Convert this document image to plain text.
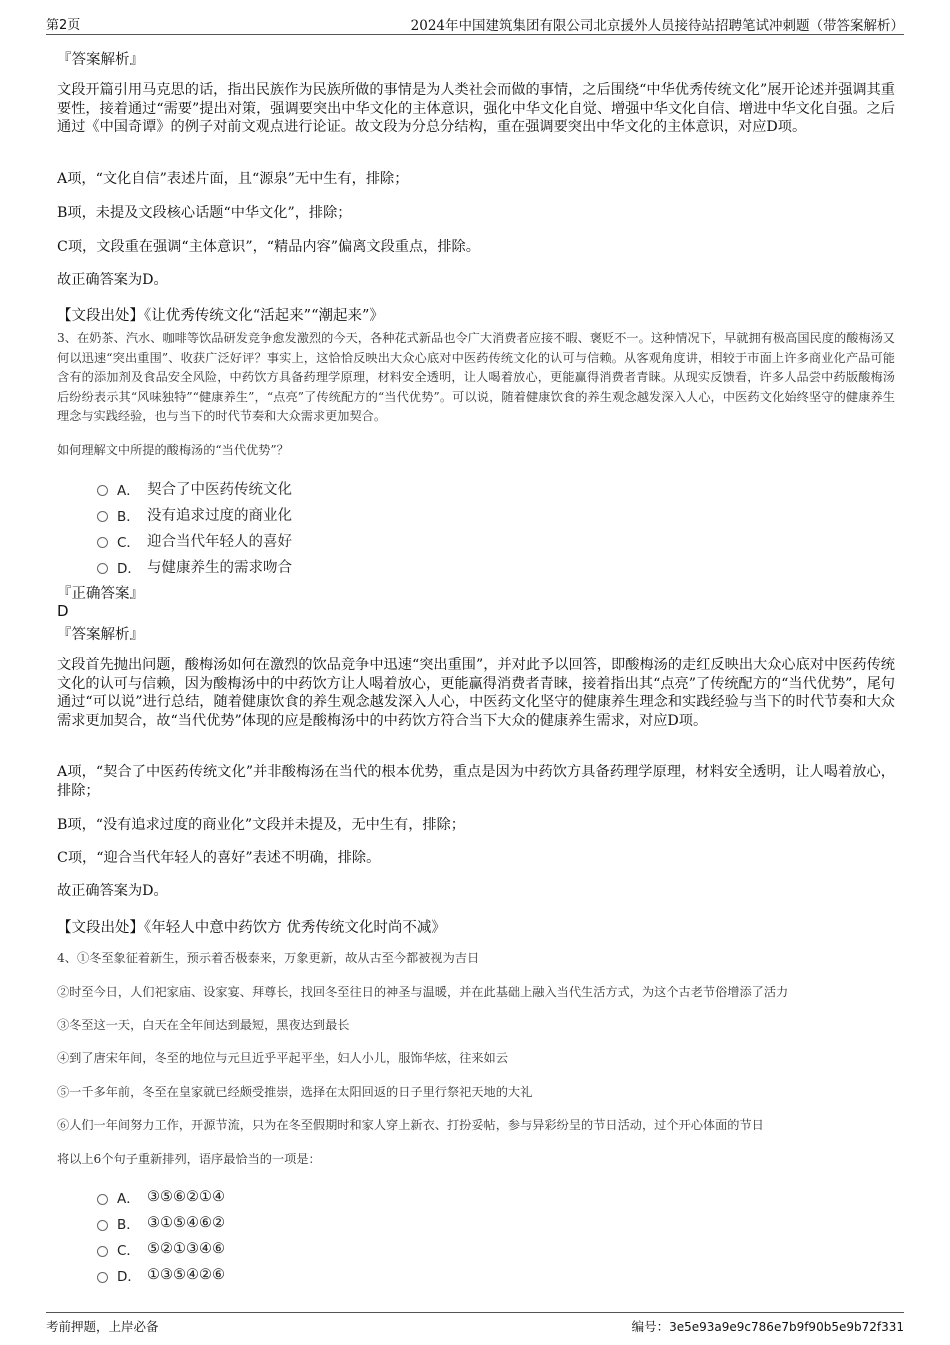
第2页	2024年中国建筑集团有限公司北京援外人员接待站招聘笔试冲刺题（带答案解析）
『答案解析』

文段开篇引用马克思的话，指出民族作为民族所做的事情是为人类社会而做的事情，之后围绕“中华优秀传统文化”展开论述并强调其重要性，接着通过“需要”提出对策，强调要突出中华文化的主体意识，强化中华文化自觉、增强中华文化自信、增进中华文化自强。之后通过《中国奇谭》的例子对前文观点进行论证。故文段为分总分结构，重在强调要突出中华文化的主体意识，对应D项。

A项，“文化自信”表述片面，且“源泉”无中生有，排除；

B项，未提及文段核心话题“中华文化”，排除；

C项，文段重在强调“主体意识”，“精品内容”偏离文段重点，排除。

故正确答案为D。

【文段出处】《让优秀传统文化“活起来”“潮起来”》

3、在奶茶、汽水、咖啡等饮品研发竞争愈发激烈的今天，各种花式新品也令广大消费者应接不暇、褒贬不一。这种情况下，早就拥有极高国民度的酸梅汤又何以迅速“突出重围”、收获广泛好评？事实上，这恰恰反映出大众心底对中医药传统文化的认可与信赖。从客观角度讲，相较于市面上许多商业化产品可能含有的添加剂及食品安全风险，中药饮方具备药理学原理，材料安全透明，让人喝着放心，更能赢得消费者青睐。从现实反馈看，许多人品尝中药版酸梅汤后纷纷表示其“风味独特”“健康养生”，“点亮”了传统配方的“当代优势”。可以说，随着健康饮食的养生观念越发深入人心，中医药文化始终坚守的健康养生理念与实践经验，也与当下的时代节奏和大众需求更加契合。

如何理解文中所提的酸梅汤的“当代优势”？

A． 契合了中医药传统文化
B． 没有追求过度的商业化
C． 迎合当代年轻人的喜好
D． 与健康养生的需求吻合
『正确答案』
D
『答案解析』

文段首先抛出问题，酸梅汤如何在激烈的饮品竞争中迅速“突出重围”，并对此予以回答，即酸梅汤的走红反映出大众心底对中医药传统文化的认可与信赖，因为酸梅汤中的中药饮方让人喝着放心，更能赢得消费者青睐，接着指出其“点亮”了传统配方的“当代优势”，尾句通过“可以说”进行总结，随着健康饮食的养生观念越发深入人心，中医药文化坚守的健康养生理念和实践经验与当下的时代节奏和大众需求更加契合，故“当代优势”体现的应是酸梅汤中的中药饮方符合当下大众的健康养生需求，对应D项。

A项，“契合了中医药传统文化”并非酸梅汤在当代的根本优势，重点是因为中药饮方具备药理学原理，材料安全透明，让人喝着放心，排除；

B项，“没有追求过度的商业化”文段并未提及，无中生有，排除；

C项，“迎合当代年轻人的喜好”表述不明确，排除。

故正确答案为D。

【文段出处】《年轻人中意中药饮方 优秀传统文化时尚不减》

4、①冬至象征着新生，预示着否极泰来，万象更新，故从古至今都被视为吉日

②时至今日，人们祀家庙、设家宴、拜尊长，找回冬至往日的神圣与温暖，并在此基础上融入当代生活方式，为这个古老节俗增添了活力

③冬至这一天，白天在全年间达到最短，黑夜达到最长

④到了唐宋年间，冬至的地位与元旦近乎平起平坐，妇人小儿，服饰华炫，往来如云

⑤一千多年前，冬至在皇家就已经颇受推崇，选择在太阳回返的日子里行祭祀天地的大礼

⑥人们一年间努力工作，开源节流，只为在冬至假期时和家人穿上新衣、打扮妥帖，参与异彩纷呈的节日活动，过个开心体面的节日

将以上6个句子重新排列，语序最恰当的一项是：

A． ③⑤⑥②①④
B． ③①⑤④⑥②
C． ⑤②①③④⑥
D． ①③⑤④②⑥
考前押题，上岸必备	编号：3e5e93a9e9c786e7b9f90b5e9b72f331
